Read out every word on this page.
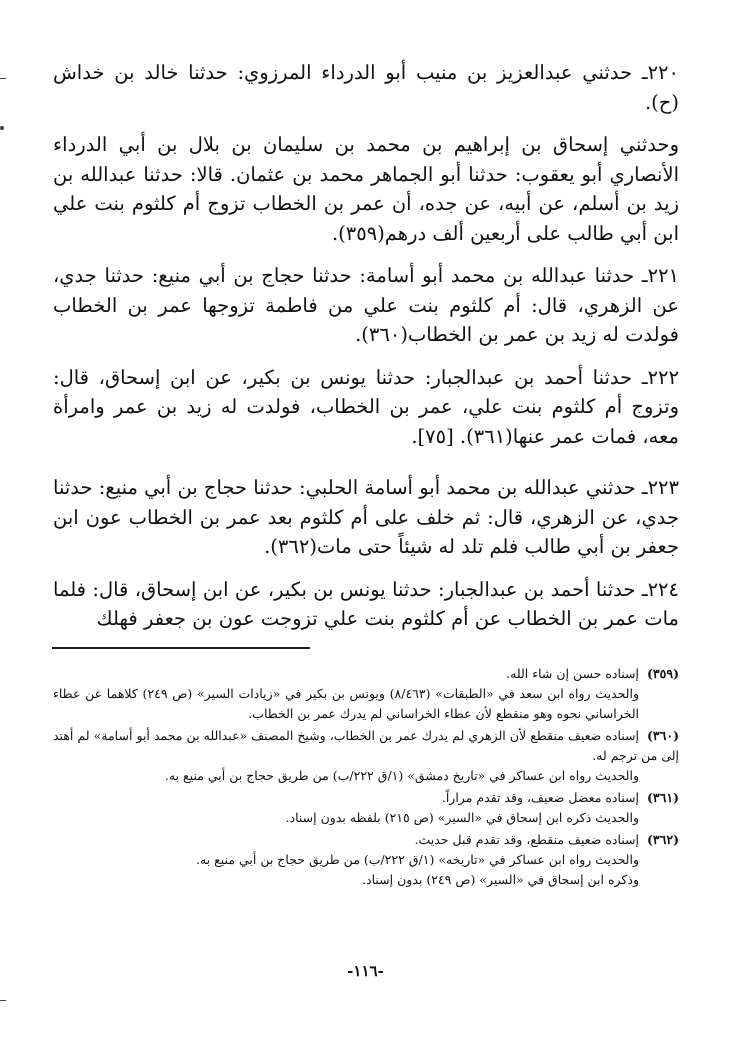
٢٢٠ـ حدثني عبدالعزيز بن منيب أبو الدرداء المرزوي: حدثنا خالد بن خداش (ح).

وحدثني إسحاق بن إبراهيم بن محمد بن سليمان بن بلال بن أبي الدرداء الأنصاري أبو يعقوب: حدثنا أبو الجماهر محمد بن عثمان. قالا: حدثنا عبدالله بن زيد بن أسلم، عن أبيه، عن جده، أن عمر بن الخطاب تزوج أم كلثوم بنت علي ابن أبي طالب على أربعين ألف درهم(٣٥٩).

٢٢١ـ حدثنا عبدالله بن محمد أبو أسامة: حدثنا حجاج بن أبي منيع: حدثنا جدي، عن الزهري، قال: أم كلثوم بنت علي من فاطمة تزوجها عمر بن الخطاب فولدت له زيد بن عمر بن الخطاب(٣٦٠).

٢٢٢ـ حدثنا أحمد بن عبدالجبار: حدثنا يونس بن بكير، عن ابن إسحاق، قال: وتزوج أم كلثوم بنت علي، عمر بن الخطاب، فولدت له زيد بن عمر وامرأة معه، فمات عمر عنها(٣٦١). [٧٥].

٢٢٣ـ حدثني عبدالله بن محمد أبو أسامة الحلبي: حدثنا حجاج بن أبي منيع: حدثنا جدي، عن الزهري، قال: ثم خلف على أم كلثوم بعد عمر بن الخطاب عون ابن جعفر بن أبي طالب فلم تلد له شيئاً حتى مات(٣٦٢).

٢٢٤ـ حدثنا أحمد بن عبدالجبار: حدثنا يونس بن بكير، عن ابن إسحاق، قال: فلما مات عمر بن الخطاب عن أم كلثوم بنت علي تزوجت عون بن جعفر فهلك

(٣٥٩)إسناده حسن إن شاء الله.
والحديث رواه ابن سعد في «الطبقات» (٨/٤٦٣) ويونس بن بكير في «زيادات السير» (ص ٢٤٩) كلاهما عن عطاء الخراساني نحوه وهو منقطع لأن عطاء الخراساني لم يدرك عمر بن الخطاب.
(٣٦٠)إسناده ضعيف منقطع لأن الزهري لم يدرك عمر بن الخطاب، وشيخ المصنف «عبدالله بن محمد أبو أسامة» لم أهتد إلى من ترجم له.
والحديث رواه ابن عساكر في «تاريخ دمشق» (١/ق ٢٢٢/ب) من طريق حجاج بن أبي منيع به.
(٣٦١)إسناده معضل ضعيف، وقد تقدم مراراً.
والحديث ذكره ابن إسحاق في «السير» (ص ٢١٥) بلفظه بدون إسناد.
(٣٦٢)إسناده ضعيف منقطع، وقد تقدم قبل حديث.
والحديث رواه ابن عساكر في «تاريخه» (١/ق ٢٢٢/ب) من طريق حجاج بن أبي منيع به.
وذكره ابن إسحاق في «السير» (ص ٢٤٩) بدون إسناد.
-١١٦-
